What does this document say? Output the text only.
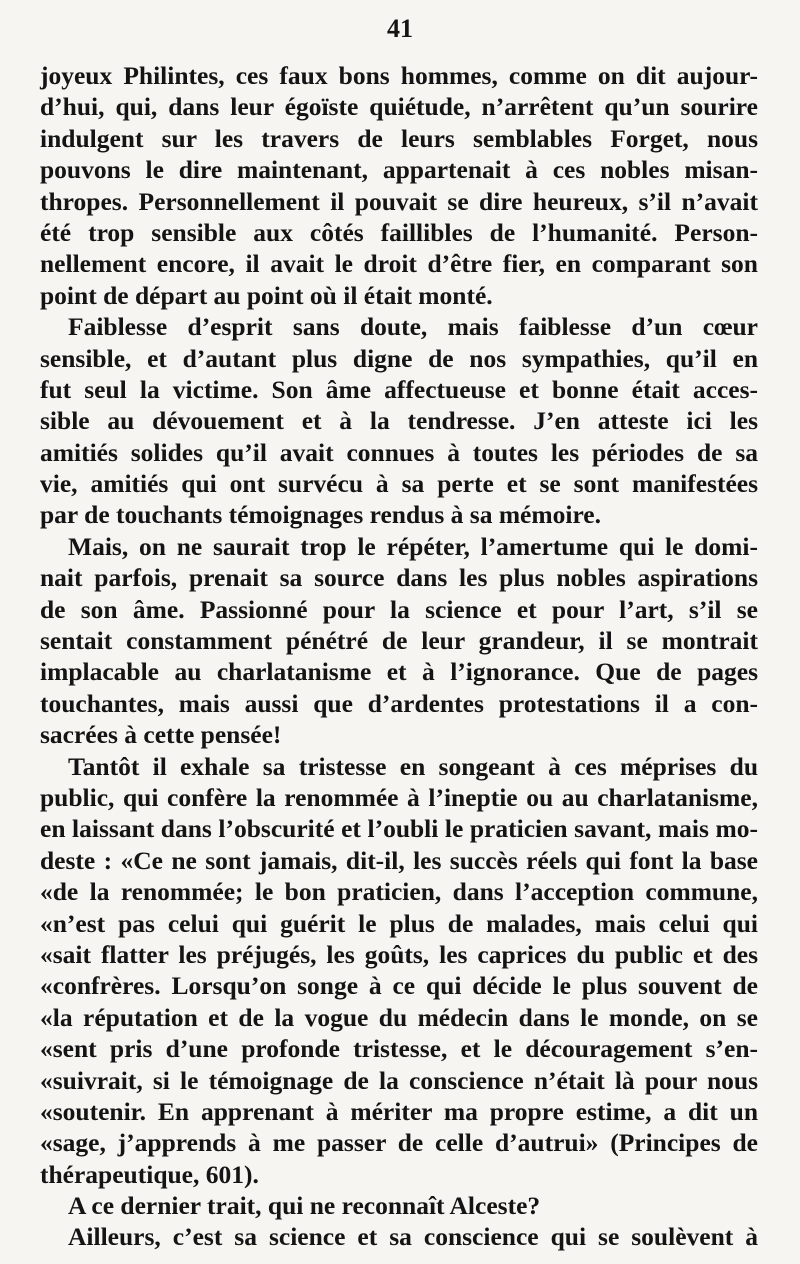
41
joyeux Philintes, ces faux bons hommes, comme on dit aujour-
d’hui, qui, dans leur égoïste quiétude, n’arrêtent qu’un sourire
indulgent sur les travers de leurs semblables Forget, nous
pouvons le dire maintenant, appartenait à ces nobles misan-
thropes. Personnellement il pouvait se dire heureux, s’il n’avait
été trop sensible aux côtés faillibles de l’humanité. Person-
nellement encore, il avait le droit d’être fier, en comparant son
point de départ au point où il était monté.
Faiblesse d’esprit sans doute, mais faiblesse d’un cœur
sensible, et d’autant plus digne de nos sympathies, qu’il en
fut seul la victime. Son âme affectueuse et bonne était acces-
sible au dévouement et à la tendresse. J’en atteste ici les
amitiés solides qu’il avait connues à toutes les périodes de sa
vie, amitiés qui ont survécu à sa perte et se sont manifestées
par de touchants témoignages rendus à sa mémoire.
Mais, on ne saurait trop le répéter, l’amertume qui le domi-
nait parfois, prenait sa source dans les plus nobles aspirations
de son âme. Passionné pour la science et pour l’art, s’il se
sentait constamment pénétré de leur grandeur, il se montrait
implacable au charlatanisme et à l’ignorance. Que de pages
touchantes, mais aussi que d’ardentes protestations il a con-
sacrées à cette pensée!
Tantôt il exhale sa tristesse en songeant à ces méprises du
public, qui confère la renommée à l’ineptie ou au charlatanisme,
en laissant dans l’obscurité et l’oubli le praticien savant, mais mo-
deste : «Ce ne sont jamais, dit-il, les succès réels qui font la base
«de la renommée; le bon praticien, dans l’acception commune,
«n’est pas celui qui guérit le plus de malades, mais celui qui
«sait flatter les préjugés, les goûts, les caprices du public et des
«confrères. Lorsqu’on songe à ce qui décide le plus souvent de
«la réputation et de la vogue du médecin dans le monde, on se
«sent pris d’une profonde tristesse, et le découragement s’en-
«suivrait, si le témoignage de la conscience n’était là pour nous
«soutenir. En apprenant à mériter ma propre estime, a dit un
«sage, j’apprends à me passer de celle d’autrui» (Principes de
thérapeutique, 601).
A ce dernier trait, qui ne reconnaît Alceste?
Ailleurs, c’est sa science et sa conscience qui se soulèvent à
